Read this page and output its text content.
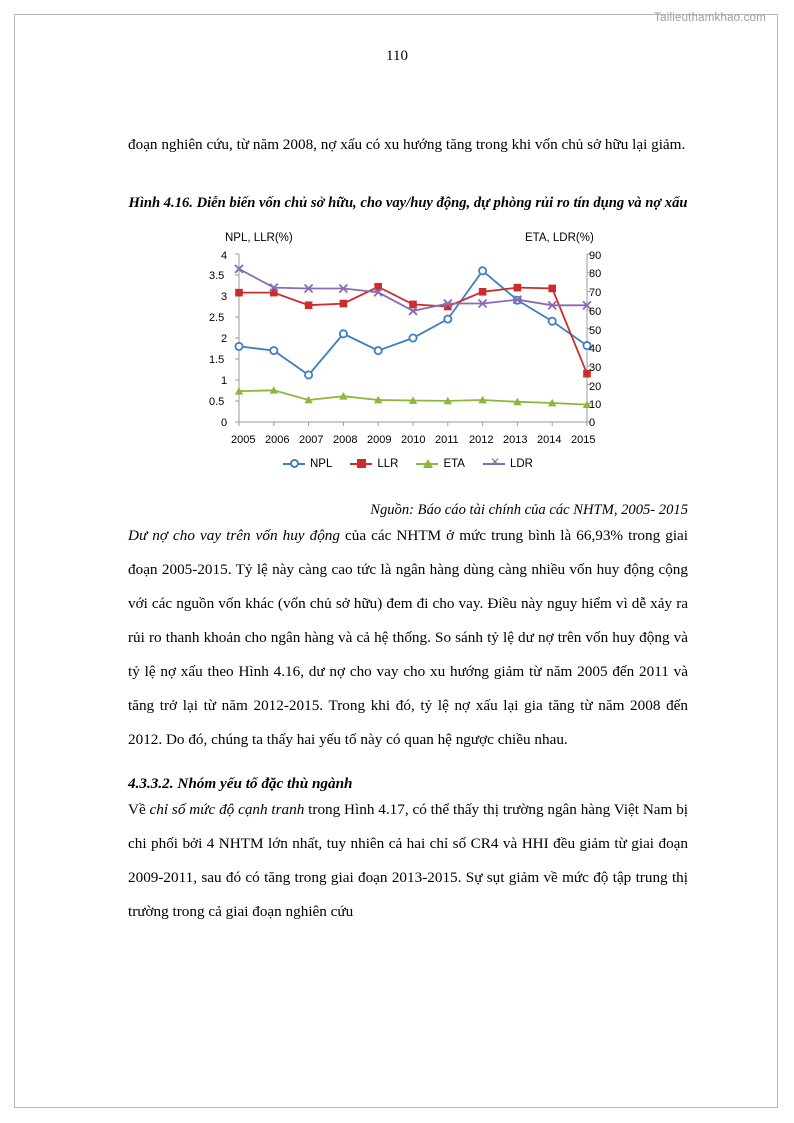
Tailieuthamkhao.com
110

đoạn nghiên cứu, từ năm 2008, nợ xấu có xu hướng tăng trong khi vốn chủ sở hữu lại giảm.

Hình 4.16. Diễn biến vốn chủ sở hữu, cho vay/huy động, dự phòng rủi ro tín dụng và nợ xấu
NPL, LLR(%)	ETA, LDR(%)
4
3.5
3
2.5
2
1.5
1
0.5
0
90
80
70
60
50
40
30
20
10
0
2005 2006 2007 2008 2009 2010 2011 2012 2013 2014 2015
NPL	LLR	ETA ✕ LDR

Nguồn: Báo cáo tài chính của các NHTM, 2005- 2015

Dư nợ cho vay trên vốn huy động của các NHTM ở mức trung bình là 66,93% trong giai đoạn 2005-2015. Tỷ lệ này càng cao tức là ngân hàng dùng càng nhiều vốn huy động cộng với các nguồn vốn khác (vốn chủ sở hữu) đem đi cho vay. Điều này nguy hiểm vì dễ xảy ra rủi ro thanh khoản cho ngân hàng và cả hệ thống. So sánh tỷ lệ dư nợ trên vốn huy động và tỷ lệ nợ xấu theo Hình 4.16, dư nợ cho vay cho xu hướng giảm từ năm 2005 đến 2011 và tăng trở lại từ năm 2012-2015. Trong khi đó, tỷ lệ nợ xấu lại gia tăng từ năm 2008 đến 2012. Do đó, chúng ta thấy hai yếu tố này có quan hệ ngược chiều nhau.

4.3.3.2. Nhóm yếu tố đặc thù ngành

Về chỉ số mức độ cạnh tranh trong Hình 4.17, có thể thấy thị trường ngân hàng Việt Nam bị chi phối bởi 4 NHTM lớn nhất, tuy nhiên cả hai chỉ số CR4 và HHI đều giảm từ giai đoạn 2009-2011, sau đó có tăng trong giai đoạn 2013-2015. Sự sụt giảm về mức độ tập trung thị trường trong cả giai đoạn nghiên cứu
